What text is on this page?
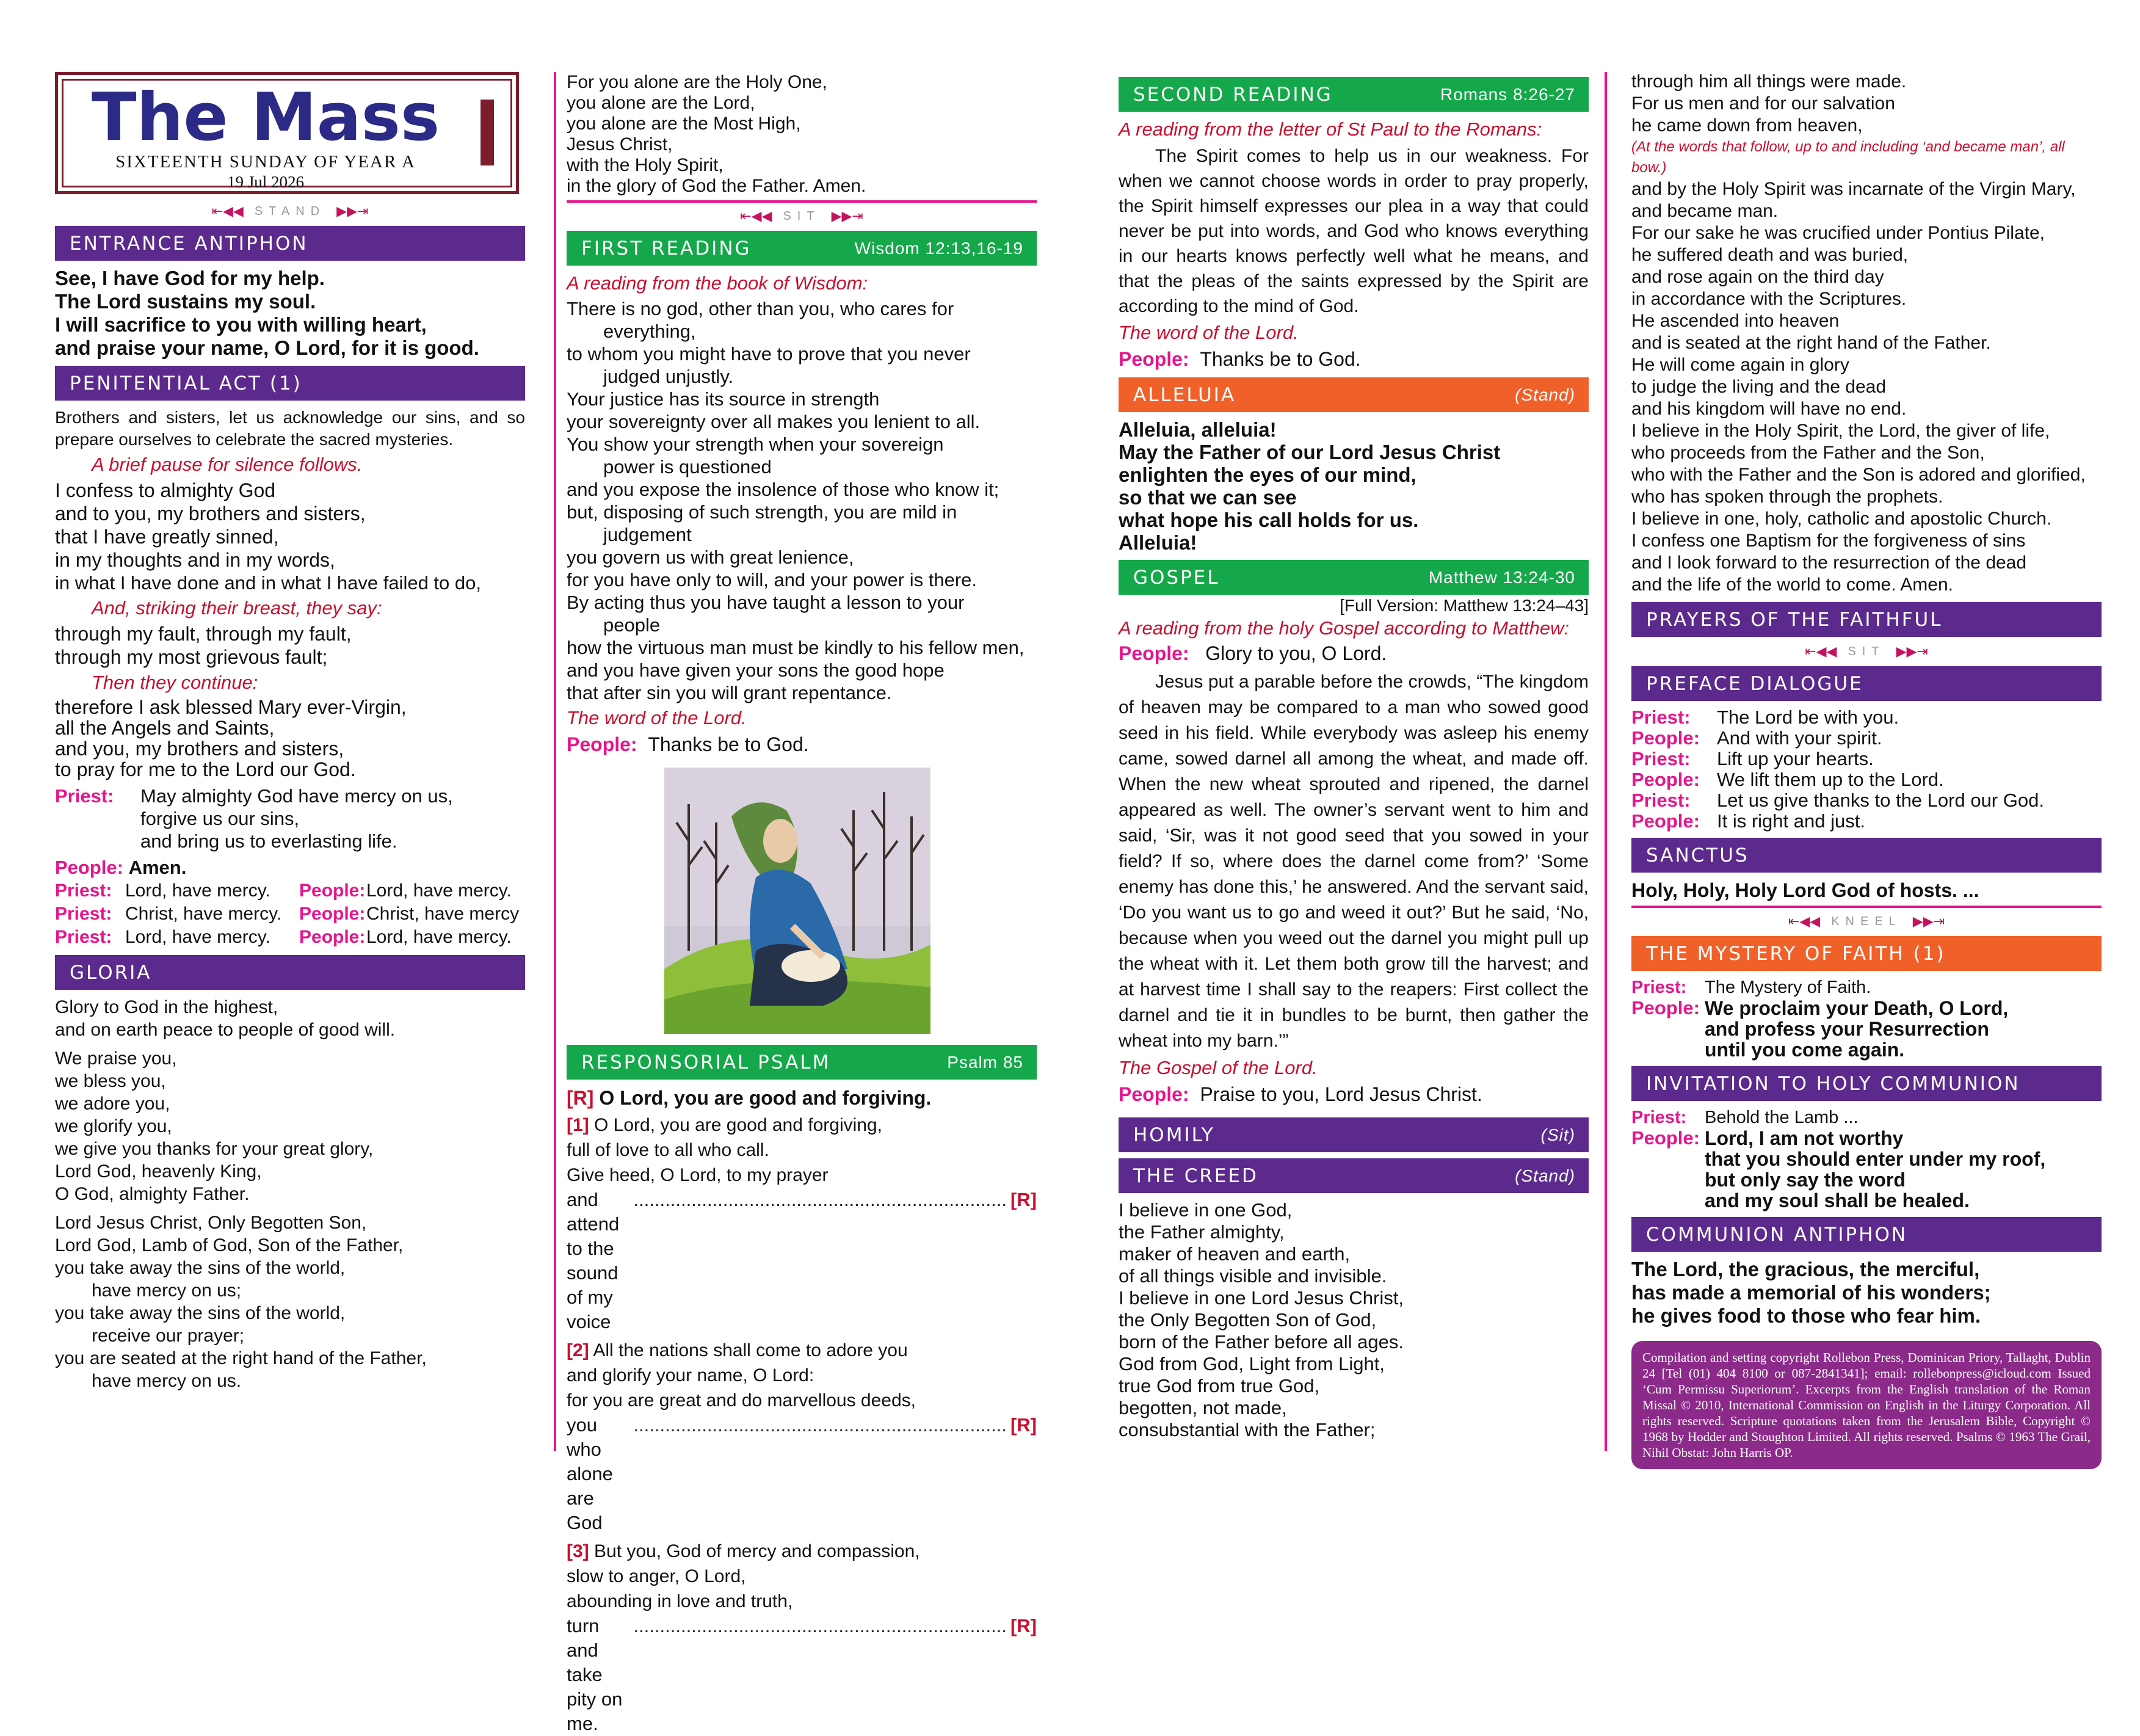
The Mass
SIXTEENTH SUNDAY OF YEAR A
19 Jul 2026
⇤◀◀ STAND ▶▶⇥
ENTRANCE ANTIPHON

See, I have God for my help.

The Lord sustains my soul.

I will sacrifice to you with willing heart,

and praise your name, O Lord, for it is good.

PENITENTIAL ACT (1)

Brothers and sisters, let us acknowledge our sins, and so prepare ourselves to celebrate the sacred mysteries.

A brief pause for silence follows.

I confess to almighty God

and to you, my brothers and sisters,

that I have greatly sinned,

in my thoughts and in my words,

in what I have done and in what I have failed to do,

And, striking their breast, they say:

through my fault, through my fault,

through my most grievous fault;

Then they continue:

therefore I ask blessed Mary ever-Virgin,

all the Angels and Saints,

and you, my brothers and sisters,

to pray for me to the Lord our God.

Priest:	May almighty God have mercy on us,
forgive us our sins,
and bring us to everlasting life.
People: Amen.
Priest: Lord, have mercy.	People: Lord, have mercy.
Priest: Christ, have mercy. People: Christ, have mercy
Priest: Lord, have mercy.	People: Lord, have mercy.
GLORIA
Glory to God in the highest,
and on earth peace to people of good will.
We praise you,
we bless you,
we adore you,
we glorify you,
we give you thanks for your great glory,
Lord God, heavenly King,
O God, almighty Father.
Lord Jesus Christ, Only Begotten Son,
Lord God, Lamb of God, Son of the Father,
you take away the sins of the world,
have mercy on us;
you take away the sins of the world,
receive our prayer;
you are seated at the right hand of the Father,
have mercy on us.
For you alone are the Holy One,
you alone are the Lord,
you alone are the Most High,
Jesus Christ,
with the Holy Spirit,
in the glory of God the Father. Amen.
⇤◀◀ SIT ▶▶⇥
FIRST READING	Wisdom 12:13,16-19

A reading from the book of Wisdom:

There is no god, other than you, who cares for
everything,
to whom you might have to prove that you never
judged unjustly.
Your justice has its source in strength
your sovereignty over all makes you lenient to all.
You show your strength when your sovereign
power is questioned
and you expose the insolence of those who know it;
but, disposing of such strength, you are mild in
judgement
you govern us with great lenience,
for you have only to will, and your power is there.
By acting thus you have taught a lesson to your
people
how the virtuous man must be kindly to his fellow men,
and you have given your sons the good hope
that after sin you will grant repentance.

The word of the Lord.

People: Thanks be to God.
RESPONSORIAL PSALM	Psalm 85
[R] O Lord, you are good and forgiving.
[1] O Lord, you are good and forgiving,
full of love to all who call.
Give heed, O Lord, to my prayer
and attend to the sound of my voice
....................................................................... [R]
[2] All the nations shall come to adore you
and glorify your name, O Lord:
for you are great and do marvellous deeds,
you who alone are God
....................................................................... [R]
[3] But you, God of mercy and compassion,
slow to anger, O Lord,
abounding in love and truth,
turn and take pity on me.
....................................................................... [R]
SECOND READING	Romans 8:26-27

A reading from the letter of St Paul to the Romans:

The Spirit comes to help us in our weakness. For when we cannot choose words in order to pray properly, the Spirit himself expresses our plea in a way that could never be put into words, and God who knows everything in our hearts knows perfectly well what he means, and that the pleas of the saints expressed by the Spirit are according to the mind of God.

The word of the Lord.

People: Thanks be to God.
ALLELUIA	(Stand)
Alleluia, alleluia!
May the Father of our Lord Jesus Christ
enlighten the eyes of our mind,
so that we can see
what hope his call holds for us.
Alleluia!
GOSPEL	Matthew 13:24-30
[Full Version: Matthew 13:24–43]

A reading from the holy Gospel according to Matthew:

People: Glory to you, O Lord.

Jesus put a parable before the crowds, “The kingdom of heaven may be compared to a man who sowed good seed in his field. While everybody was asleep his enemy came, sowed darnel all among the wheat, and made off. When the new wheat sprouted and ripened, the darnel appeared as well. The owner’s servant went to him and said, ‘Sir, was it not good seed that you sowed in your field? If so, where does the darnel come from?’ ‘Some enemy has done this,’ he answered. And the servant said, ‘Do you want us to go and weed it out?’ But he said, ‘No, because when you weed out the darnel you might pull up the wheat with it. Let them both grow till the harvest; and at harvest time I shall say to the reapers: First collect the darnel and tie it in bundles to be burnt, then gather the wheat into my barn.’”

The Gospel of the Lord.

People: Praise to you, Lord Jesus Christ.
HOMILY	(Sit)
THE CREED	(Stand)
I believe in one God,
the Father almighty,
maker of heaven and earth,
of all things visible and invisible.
I believe in one Lord Jesus Christ,
the Only Begotten Son of God,
born of the Father before all ages.
God from God, Light from Light,
true God from true God,
begotten, not made,
consubstantial with the Father;
through him all things were made.
For us men and for our salvation
he came down from heaven,
(At the words that follow, up to and including ‘and became man’, all bow.)
and by the Holy Spirit was incarnate of the Virgin Mary,
and became man.
For our sake he was crucified under Pontius Pilate,
he suffered death and was buried,
and rose again on the third day
in accordance with the Scriptures.
He ascended into heaven
and is seated at the right hand of the Father.
He will come again in glory
to judge the living and the dead
and his kingdom will have no end.
I believe in the Holy Spirit, the Lord, the giver of life,
who proceeds from the Father and the Son,
who with the Father and the Son is adored and glorified,
who has spoken through the prophets.
I believe in one, holy, catholic and apostolic Church.
I confess one Baptism for the forgiveness of sins
and I look forward to the resurrection of the dead
and the life of the world to come. Amen.
PRAYERS OF THE FAITHFUL
⇤◀◀ SIT ▶▶⇥
PREFACE DIALOGUE
Priest:	The Lord be with you.
People: And with your spirit.
Priest:	Lift up your hearts.
People: We lift them up to the Lord.
Priest:	Let us give thanks to the Lord our God.
People: It is right and just.
SANCTUS

Holy, Holy, Holy Lord God of hosts. ...

⇤◀◀ KNEEL ▶▶⇥
THE MYSTERY OF FAITH (1)
Priest:	The Mystery of Faith.
People: We proclaim your Death, O Lord,
and profess your Resurrection
until you come again.
INVITATION TO HOLY COMMUNION
Priest:	Behold the Lamb ...
People: Lord, I am not worthy
that you should enter under my roof,
but only say the word
and my soul shall be healed.
COMMUNION ANTIPHON
The Lord, the gracious, the merciful,
has made a memorial of his wonders;
he gives food to those who fear him.
Compilation and setting copyright Rollebon Press, Dominican Priory, Tallaght, Dublin 24 [Tel (01) 404 8100 or 087-2841341]; email: rollebonpress@icloud.com Issued ‘Cum Permissu Superiorum’. Excerpts from the English translation of the Roman Missal © 2010, International Commission on English in the Liturgy Corporation. All rights reserved. Scripture quotations taken from the Jerusalem Bible, Copyright © 1968 by Hodder and Stoughton Limited. All rights reserved. Psalms © 1963 The Grail, Nihil Obstat: John Harris OP.
